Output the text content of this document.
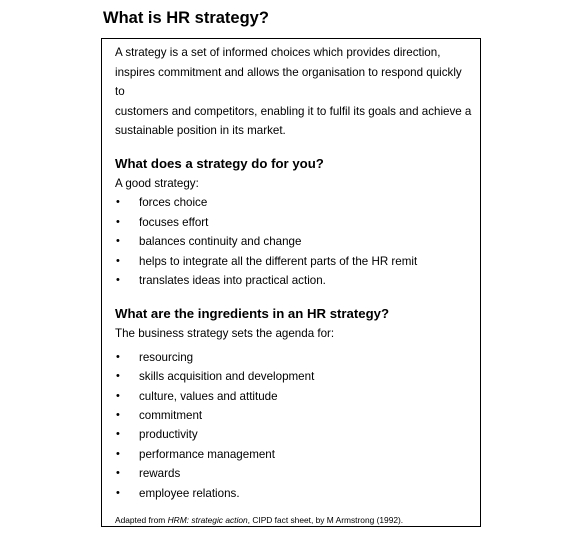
What is HR strategy?

A strategy is a set of informed choices which provides direction,

inspires commitment and allows the organisation to respond quickly to

customers and competitors, enabling it to fulfil its goals and achieve a

sustainable position in its market.

What does a strategy do for you?

A good strategy:

• forces choice
• focuses effort
• balances continuity and change
• helps to integrate all the different parts of the HR remit
• translates ideas into practical action.
What are the ingredients in an HR strategy?

The business strategy sets the agenda for:

• resourcing
• skills acquisition and development
• culture, values and attitude
• commitment
• productivity
• performance management
• rewards
• employee relations.

Adapted from HRM: strategic action, CIPD fact sheet, by M Armstrong (1992).
